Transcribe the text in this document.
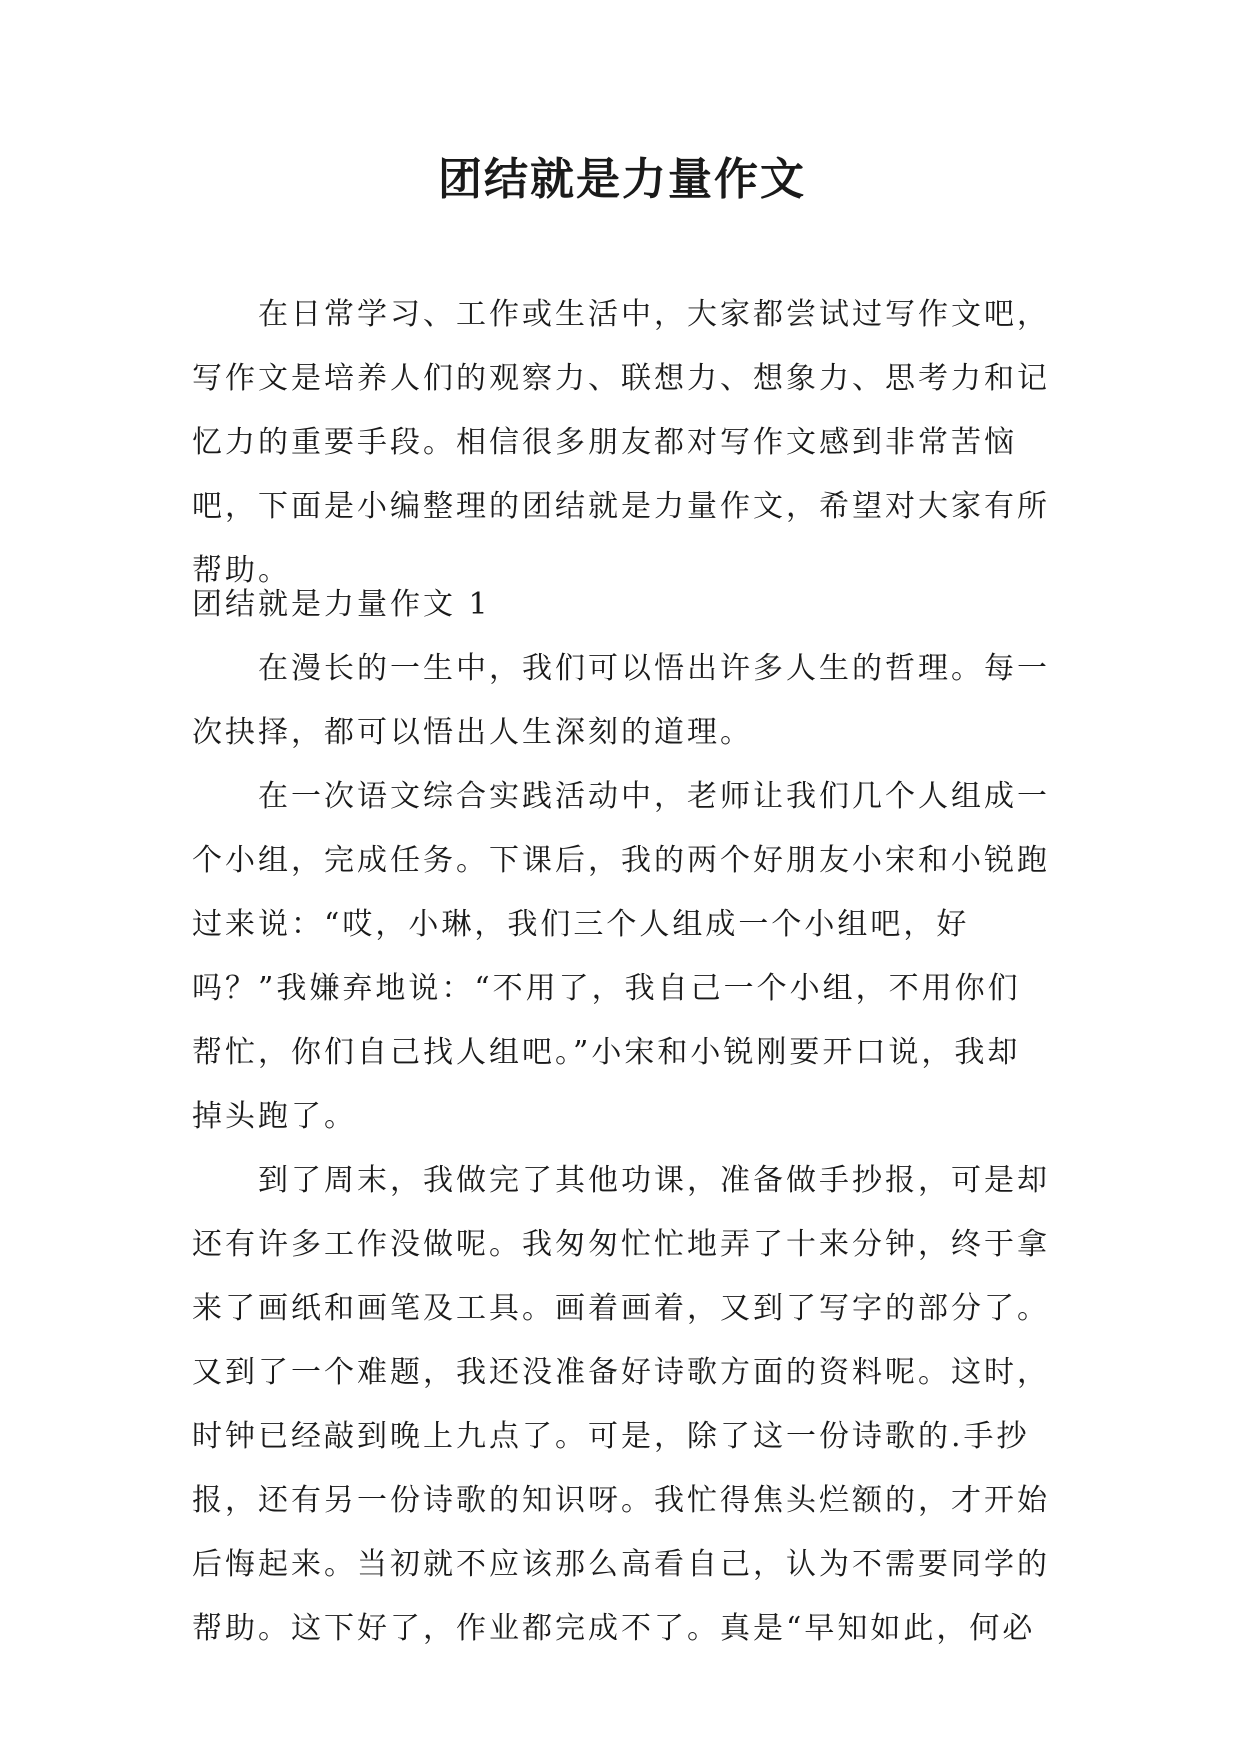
团结就是力量作文

在日常学习、工作或生活中，大家都尝试过写作文吧，写作文是培养人们的观察力、联想力、想象力、思考力和记忆力的重要手段。相信很多朋友都对写作文感到非常苦恼吧，下面是小编整理的团结就是力量作文，希望对大家有所帮助。

团结就是力量作文 1

在漫长的一生中，我们可以悟出许多人生的哲理。每一次抉择，都可以悟出人生深刻的道理。

在一次语文综合实践活动中，老师让我们几个人组成一个小组，完成任务。下课后，我的两个好朋友小宋和小锐跑过来说：“哎，小琳，我们三个人组成一个小组吧，好吗？”我嫌弃地说：“不用了，我自己一个小组，不用你们帮忙，你们自己找人组吧。”小宋和小锐刚要开口说，我却掉头跑了。

到了周末，我做完了其他功课，准备做手抄报，可是却还有许多工作没做呢。我匆匆忙忙地弄了十来分钟，终于拿来了画纸和画笔及工具。画着画着，又到了写字的部分了。又到了一个难题，我还没准备好诗歌方面的资料呢。这时，时钟已经敲到晚上九点了。可是，除了这一份诗歌的.手抄报，还有另一份诗歌的知识呀。我忙得焦头烂额的，才开始后悔起来。当初就不应该那么高看自己，认为不需要同学的帮助。这下好了，作业都完成不了。真是“早知如此，何必
